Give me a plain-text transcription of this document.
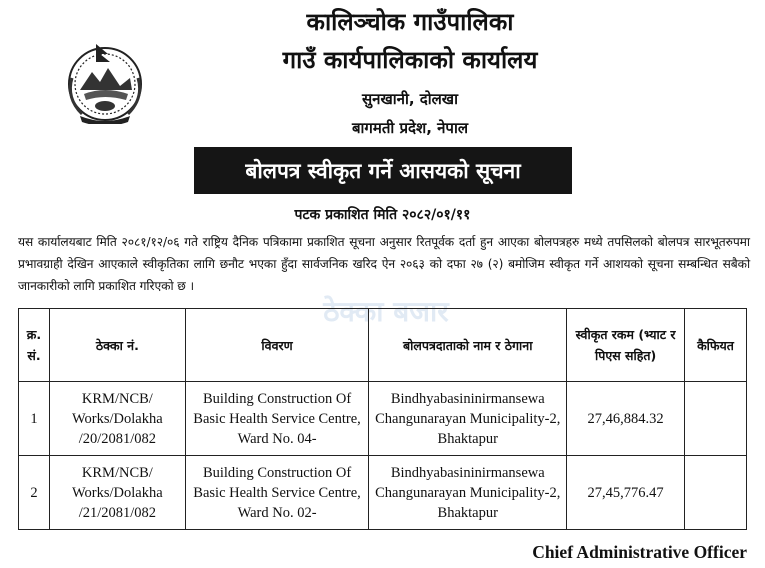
कालिञ्चोक गाउँपालिका
गाउँ कार्यपालिकाको कार्यालय
सुनखानी, दोलखा
बागमती प्रदेश, नेपाल
बोलपत्र स्वीकृत गर्ने आसयको सूचना
पटक प्रकाशित मिति २०८२/०१/११
यस कार्यालयबाट मिति २०८१/१२/०६ गते राष्ट्रिय दैनिक पत्रिकामा प्रकाशित सूचना अनुसार रितपूर्वक दर्ता हुन आएका बोलपत्रहरु मध्ये तपसिलको बोलपत्र सारभूतरुपमा प्रभावग्राही देखिन आएकाले स्वीकृतिका लागि छनौट भएका हुँदा सार्वजनिक खरिद ऐन २०६३ को दफा २७ (२) बमोजिम स्वीकृत गर्ने आशयको सूचना सम्बन्धित सबैको जानकारीको लागि प्रकाशित गरिएको छ ।
ठेक्का बजार
क्र. सं.	ठेक्का नं.	विवरण	बोलपत्रदाताको नाम र ठेगाना	स्वीकृत रकम (भ्याट र पिएस सहित)	कैफियत
1	KRM/NCB/ Works/Dolakha /20/2081/082	Building Construction Of Basic Health Service Centre, Ward No. 04-	Bindhyabasininirmansewa Changunarayan Municipality-2, Bhaktapur	27,46,884.32	
2	KRM/NCB/ Works/Dolakha /21/2081/082	Building Construction Of Basic Health Service Centre, Ward No. 02-	Bindhyabasininirmansewa Changunarayan Municipality-2, Bhaktapur	27,45,776.47	
Chief Administrative Officer
